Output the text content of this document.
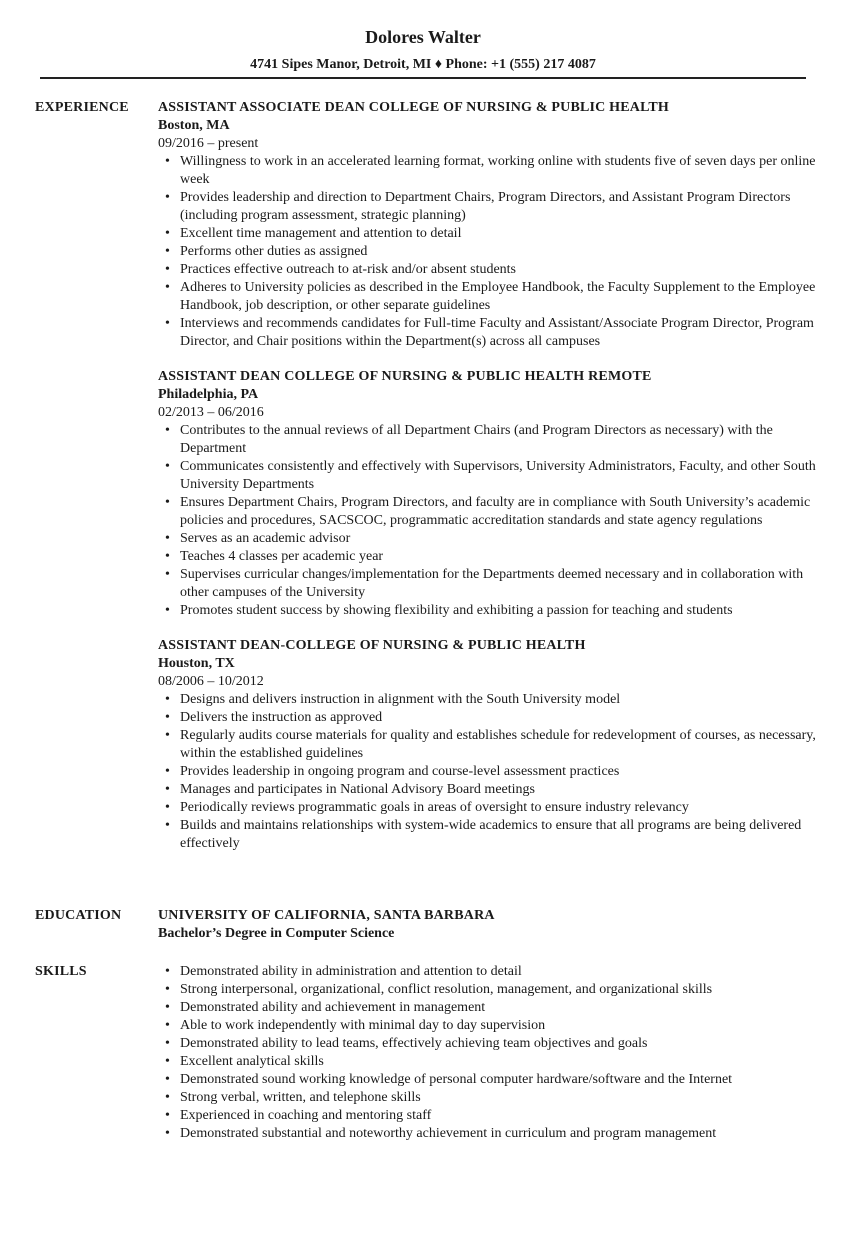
Dolores Walter
4741 Sipes Manor, Detroit, MI ♦ Phone: +1 (555) 217 4087
EXPERIENCE ASSISTANT ASSOCIATE DEAN COLLEGE OF NURSING & PUBLIC HEALTH
Boston, MA
09/2016 – present
• Willingness to work in an accelerated learning format, working online with students five of seven days per online week
• Provides leadership and direction to Department Chairs, Program Directors, and Assistant Program Directors (including program assessment, strategic planning)
• Excellent time management and attention to detail
• Performs other duties as assigned
• Practices effective outreach to at-risk and/or absent students
• Adheres to University policies as described in the Employee Handbook, the Faculty Supplement to the Employee Handbook, job description, or other separate guidelines
• Interviews and recommends candidates for Full-time Faculty and Assistant/Associate Program Director, Program Director, and Chair positions within the Department(s) across all campuses
ASSISTANT DEAN COLLEGE OF NURSING & PUBLIC HEALTH REMOTE
Philadelphia, PA
02/2013 – 06/2016
• Contributes to the annual reviews of all Department Chairs (and Program Directors as necessary) with the Department
• Communicates consistently and effectively with Supervisors, University Administrators, Faculty, and other South University Departments
• Ensures Department Chairs, Program Directors, and faculty are in compliance with South University’s academic policies and procedures, SACSCOC, programmatic accreditation standards and state agency regulations
• Serves as an academic advisor
• Teaches 4 classes per academic year
• Supervises curricular changes/implementation for the Departments deemed necessary and in collaboration with other campuses of the University
• Promotes student success by showing flexibility and exhibiting a passion for teaching and students
ASSISTANT DEAN-COLLEGE OF NURSING & PUBLIC HEALTH
Houston, TX
08/2006 – 10/2012
• Designs and delivers instruction in alignment with the South University model
• Delivers the instruction as approved
• Regularly audits course materials for quality and establishes schedule for redevelopment of courses, as necessary, within the established guidelines
• Provides leadership in ongoing program and course-level assessment practices
• Manages and participates in National Advisory Board meetings
• Periodically reviews programmatic goals in areas of oversight to ensure industry relevancy
• Builds and maintains relationships with system-wide academics to ensure that all programs are being delivered effectively
EDUCATION	UNIVERSITY OF CALIFORNIA, SANTA BARBARA
Bachelor’s Degree in Computer Science
SKILLS
•	Demonstrated ability in administration and attention to detail
• Strong interpersonal, organizational, conflict resolution, management, and organizational skills
• Demonstrated ability and achievement in management
• Able to work independently with minimal day to day supervision
• Demonstrated ability to lead teams, effectively achieving team objectives and goals
• Excellent analytical skills
• Demonstrated sound working knowledge of personal computer hardware/software and the Internet
• Strong verbal, written, and telephone skills
• Experienced in coaching and mentoring staff
• Demonstrated substantial and noteworthy achievement in curriculum and program management
